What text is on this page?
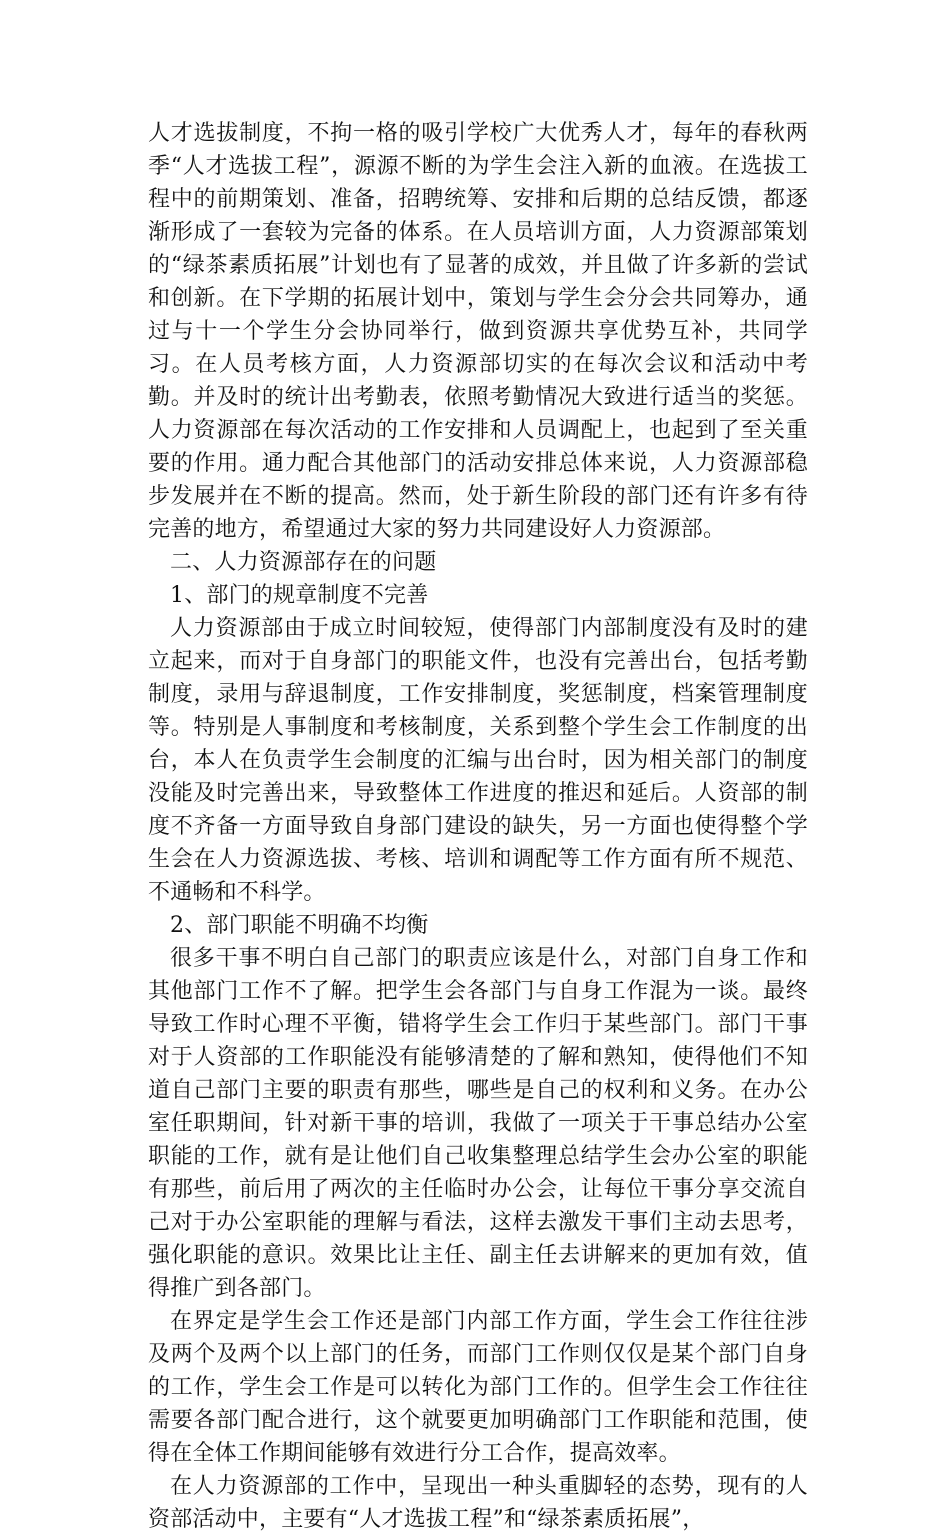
人才选拔制度，不拘一格的吸引学校广大优秀人才，每年的春秋两季“人才选拔工程”，源源不断的为学生会注入新的血液。在选拔工程中的前期策划、准备，招聘统筹、安排和后期的总结反馈，都逐渐形成了一套较为完备的体系。在人员培训方面，人力资源部策划的“绿茶素质拓展”计划也有了显著的成效，并且做了许多新的尝试和创新。在下学期的拓展计划中，策划与学生会分会共同筹办，通过与十一个学生分会协同举行，做到资源共享优势互补，共同学习。在人员考核方面，人力资源部切实的在每次会议和活动中考勤。并及时的统计出考勤表，依照考勤情况大致进行适当的奖惩。人力资源部在每次活动的工作安排和人员调配上，也起到了至关重要的作用。通力配合其他部门的活动安排总体来说，人力资源部稳步发展并在不断的提高。然而，处于新生阶段的部门还有许多有待完善的地方，希望通过大家的努力共同建设好人力资源部。

二、人力资源部存在的问题

1、部门的规章制度不完善

人力资源部由于成立时间较短，使得部门内部制度没有及时的建立起来，而对于自身部门的职能文件，也没有完善出台，包括考勤制度，录用与辞退制度，工作安排制度，奖惩制度，档案管理制度等。特别是人事制度和考核制度，关系到整个学生会工作制度的出台，本人在负责学生会制度的汇编与出台时，因为相关部门的制度没能及时完善出来，导致整体工作进度的推迟和延后。人资部的制度不齐备一方面导致自身部门建设的缺失，另一方面也使得整个学生会在人力资源选拔、考核、培训和调配等工作方面有所不规范、不通畅和不科学。

2、部门职能不明确不均衡

很多干事不明白自己部门的职责应该是什么，对部门自身工作和其他部门工作不了解。把学生会各部门与自身工作混为一谈。最终导致工作时心理不平衡，错将学生会工作归于某些部门。部门干事对于人资部的工作职能没有能够清楚的了解和熟知，使得他们不知道自己部门主要的职责有那些，哪些是自己的权利和义务。在办公室任职期间，针对新干事的培训，我做了一项关于干事总结办公室职能的工作，就有是让他们自己收集整理总结学生会办公室的职能有那些，前后用了两次的主任临时办公会，让每位干事分享交流自己对于办公室职能的理解与看法，这样去激发干事们主动去思考，强化职能的意识。效果比让主任、副主任去讲解来的更加有效，值得推广到各部门。

在界定是学生会工作还是部门内部工作方面，学生会工作往往涉及两个及两个以上部门的任务，而部门工作则仅仅是某个部门自身的工作，学生会工作是可以转化为部门工作的。但学生会工作往往需要各部门配合进行，这个就要更加明确部门工作职能和范围，使得在全体工作期间能够有效进行分工合作，提高效率。

在人力资源部的工作中，呈现出一种头重脚轻的态势，现有的人资部活动中，主要有“人才选拔工程”和“绿茶素质拓展”，
